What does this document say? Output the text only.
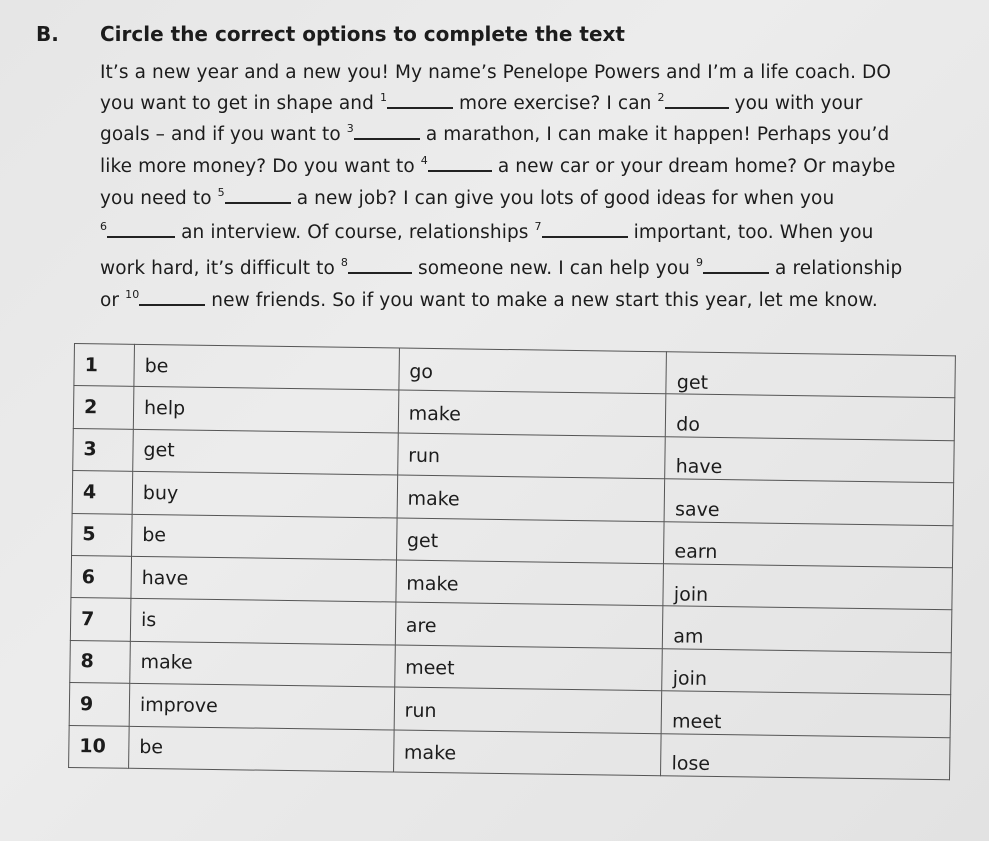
B. Circle the correct options to complete the text
It’s a new year and a new you! My name’s Penelope Powers and I’m a life coach. DO
you want to get in shape and $^1$	more exercise? I can $^2$	you with your
goals – and if you want to $^3$	a marathon, I can make it happen! Perhaps you’d
like more money? Do you want to $^4$	a new car or your dream home? Or maybe
you need to $^5$	a new job? I can give you lots of good ideas for when you
$^6$	an interview. Of course, relationships $^7$	important, too. When you
work hard, it’s difficult to $^8$	someone new. I can help you $^9$	a relationship
or $^{10}$	new friends. So if you want to make a new start this year, let me know.
1	be	go	get
2	help	make	do
3	get	run	have
4	buy	make	save
5	be	get	earn
6	have	make	join
7	is	are	am
8	make	meet	join
9	improve	run	meet
10	be	make	lose
